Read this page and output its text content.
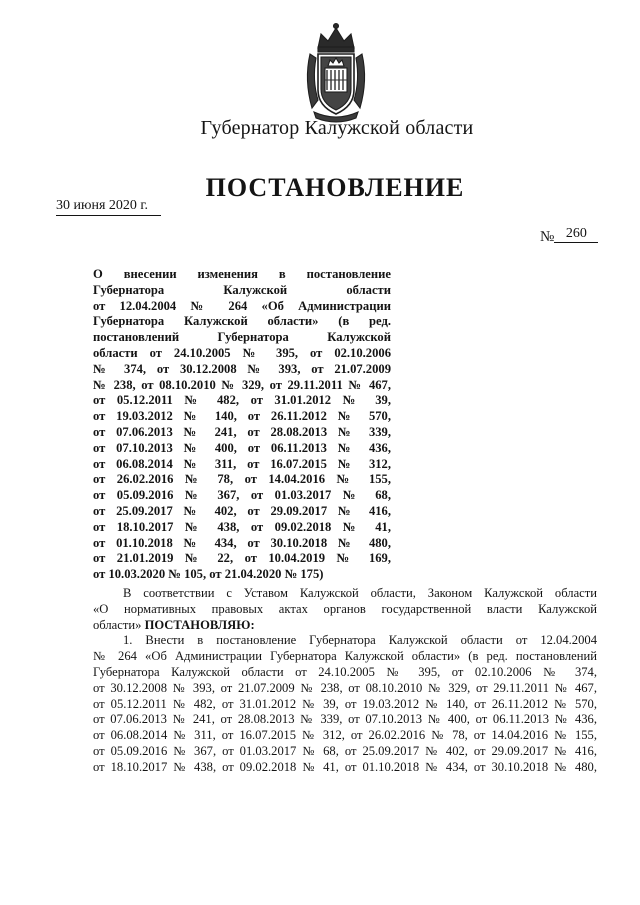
Губернатор Калужской области
ПОСТАНОВЛЕНИЕ
30 июня 2020 г.
№ 260
О внесении изменения в постановление
Губернатора Калужской области
от 12.04.2004 № 264 «Об Администрации
Губернатора Калужской области» (в ред.
постановлений Губернатора Калужской
области от 24.10.2005 № 395, от 02.10.2006
№ 374, от 30.12.2008 № 393, от 21.07.2009
№ 238, от 08.10.2010 № 329, от 29.11.2011 № 467,
от 05.12.2011 № 482, от 31.01.2012 № 39,
от 19.03.2012 № 140, от 26.11.2012 № 570,
от 07.06.2013 № 241, от 28.08.2013 № 339,
от 07.10.2013 № 400, от 06.11.2013 № 436,
от 06.08.2014 № 311, от 16.07.2015 № 312,
от 26.02.2016 № 78, от 14.04.2016 № 155,
от 05.09.2016 № 367, от 01.03.2017 № 68,
от 25.09.2017 № 402, от 29.09.2017 № 416,
от 18.10.2017 № 438, от 09.02.2018 № 41,
от 01.10.2018 № 434, от 30.10.2018 № 480,
от 21.01.2019 № 22, от 10.04.2019 № 169,
от 10.03.2020 № 105, от 21.04.2020 № 175)
В соответствии с Уставом Калужской области, Законом Калужской области
«О нормативных правовых актах органов государственной власти Калужской
области» ПОСТАНОВЛЯЮ:
1. Внести в постановление Губернатора Калужской области от 12.04.2004
№ 264 «Об Администрации Губернатора Калужской области» (в ред. постановлений
Губернатора Калужской области от 24.10.2005 № 395, от 02.10.2006 № 374,
от 30.12.2008 № 393, от 21.07.2009 № 238, от 08.10.2010 № 329, от 29.11.2011 № 467,
от 05.12.2011 № 482, от 31.01.2012 № 39, от 19.03.2012 № 140, от 26.11.2012 № 570,
от 07.06.2013 № 241, от 28.08.2013 № 339, от 07.10.2013 № 400, от 06.11.2013 № 436,
от 06.08.2014 № 311, от 16.07.2015 № 312, от 26.02.2016 № 78, от 14.04.2016 № 155,
от 05.09.2016 № 367, от 01.03.2017 № 68, от 25.09.2017 № 402, от 29.09.2017 № 416,
от 18.10.2017 № 438, от 09.02.2018 № 41, от 01.10.2018 № 434, от 30.10.2018 № 480,
